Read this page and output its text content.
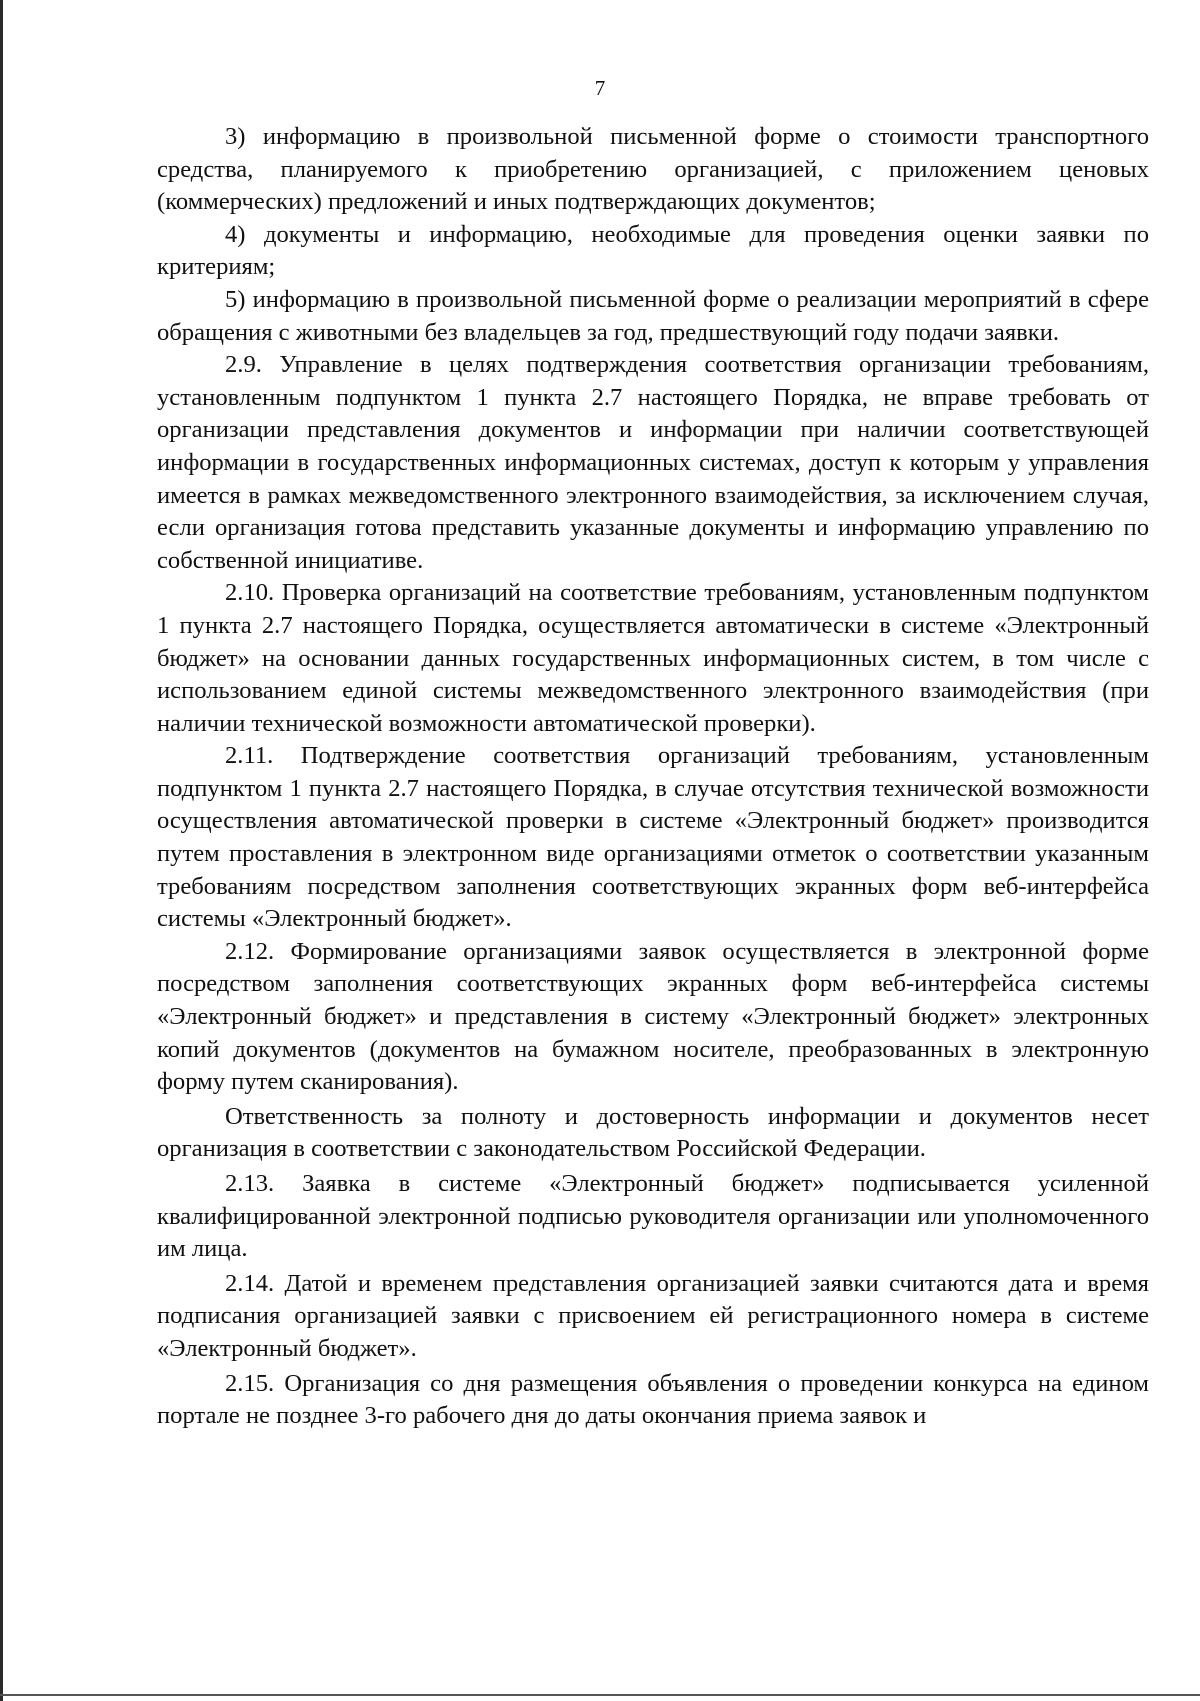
7

3) информацию в произвольной письменной форме о стоимости транспортного средства, планируемого к приобретению организацией, с приложением ценовых (коммерческих) предложений и иных подтверждающих документов;

4) документы и информацию, необходимые для проведения оценки заявки по критериям;

5) информацию в произвольной письменной форме о реализации мероприятий в сфере обращения с животными без владельцев за год, предшествующий году подачи заявки.

2.9. Управление в целях подтверждения соответствия организации требованиям, установленным подпунктом 1 пункта 2.7 настоящего Порядка, не вправе требовать от организации представления документов и информации при наличии соответствующей информации в государственных информационных системах, доступ к которым у управления имеется в рамках межведомственного электронного взаимодействия, за исключением случая, если организация готова представить указанные документы и информацию управлению по собственной инициативе.

2.10. Проверка организаций на соответствие требованиям, установленным подпунктом 1 пункта 2.7 настоящего Порядка, осуществляется автоматически в системе «Электронный бюджет» на основании данных государственных информационных систем, в том числе с использованием единой системы межведомственного электронного взаимодействия (при наличии технической возможности автоматической проверки).

2.11. Подтверждение соответствия организаций требованиям, установленным подпунктом 1 пункта 2.7 настоящего Порядка, в случае отсутствия технической возможности осуществления автоматической проверки в системе «Электронный бюджет» производится путем проставления в электронном виде организациями отметок о соответствии указанным требованиям посредством заполнения соответствующих экранных форм веб-интерфейса системы «Электронный бюджет».

2.12. Формирование организациями заявок осуществляется в электронной форме посредством заполнения соответствующих экранных форм веб-интерфейса системы «Электронный бюджет» и представления в систему «Электронный бюджет» электронных копий документов (документов на бумажном носителе, преобразованных в электронную форму путем сканирования).

Ответственность за полноту и достоверность информации и документов несет организация в соответствии с законодательством Российской Федерации.

2.13. Заявка в системе «Электронный бюджет» подписывается усиленной квалифицированной электронной подписью руководителя организации или уполномоченного им лица.

2.14. Датой и временем представления организацией заявки считаются дата и время подписания организацией заявки с присвоением ей регистрационного номера в системе «Электронный бюджет».

2.15. Организация со дня размещения объявления о проведении конкурса на едином портале не позднее 3-го рабочего дня до даты окончания приема заявок и
